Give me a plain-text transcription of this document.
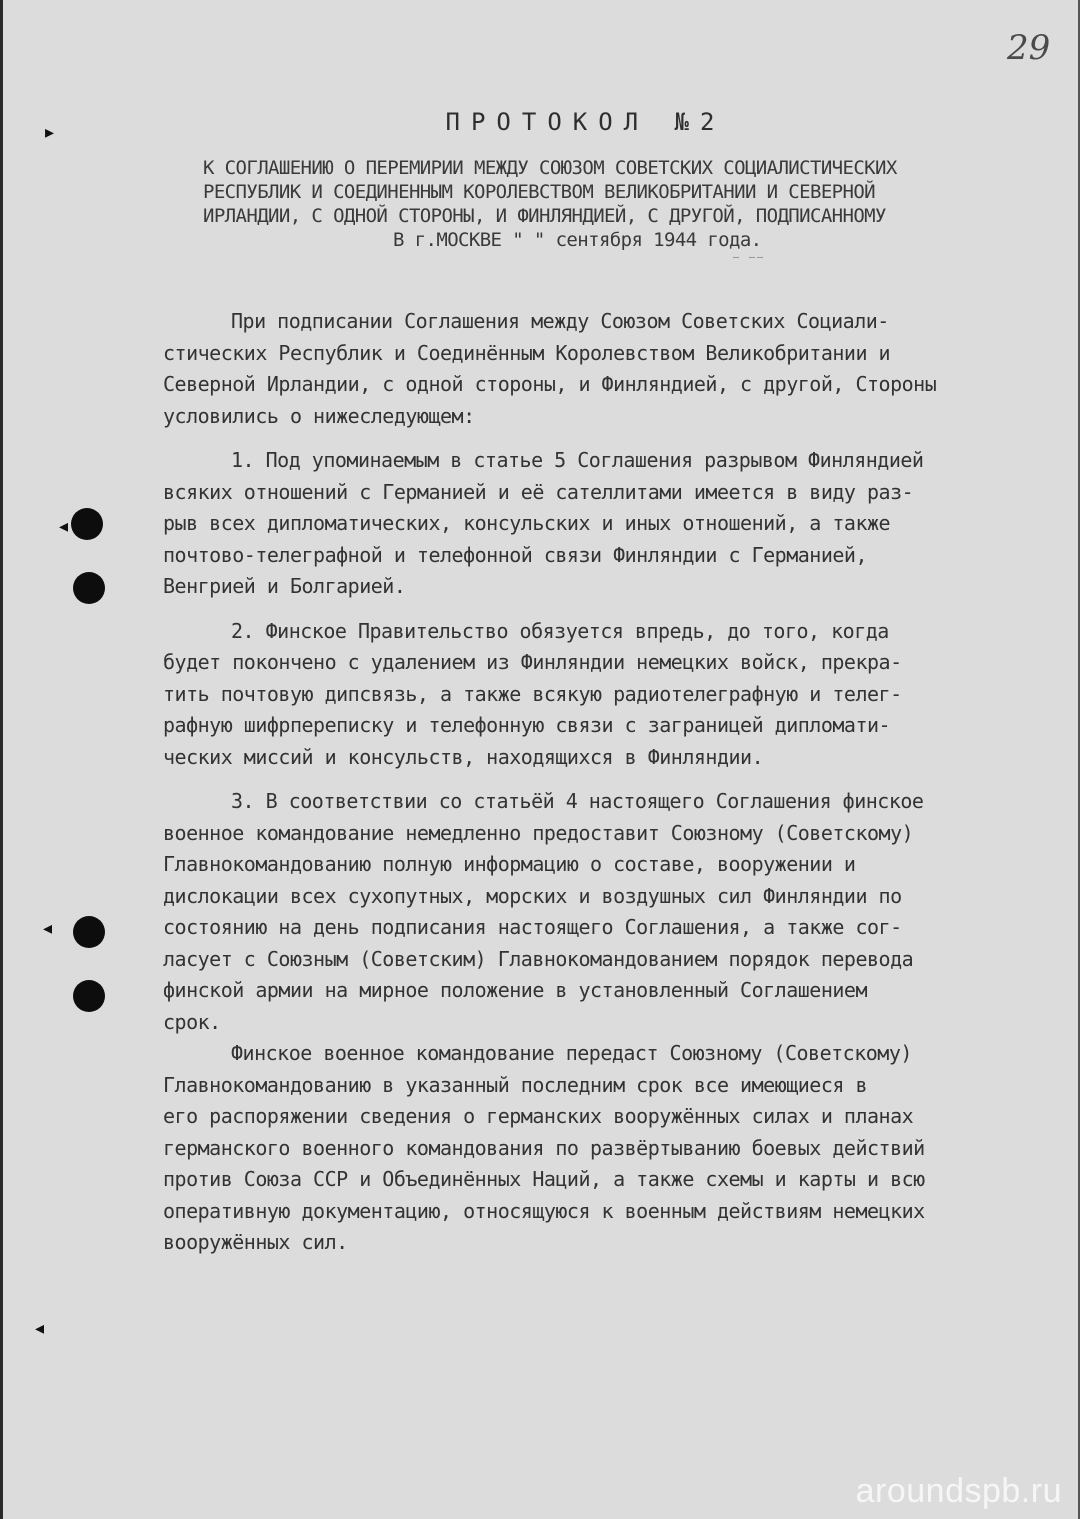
29
ПРОТОКОЛ №2
К СОГЛАШЕНИЮ О ПЕРЕМИРИИ МЕЖДУ СОЮЗОМ СОВЕТСКИХ СОЦИАЛИСТИЧЕСКИХ
РЕСПУБЛИК И СОЕДИНЕННЫМ КОРОЛЕВСТВОМ ВЕЛИКОБРИТАНИИ И СЕВЕРНОЙ
ИРЛАНДИИ, С ОДНОЙ СТОРОНЫ, И ФИНЛЯНДИЕЙ, С ДРУГОЙ, ПОДПИСАННОМУ
В г.МОСКВЕ " " сентября 1944 года.
— ——
При подписании Соглашения между Союзом Советских Социали-
стических Республик и Соединённым Королевством Великобритании и
Северной Ирландии, с одной стороны, и Финляндией, с другой, Стороны
условились о нижеследующем:
1. Под упоминаемым в статье 5 Соглашения разрывом Финляндией
всяких отношений с Германией и её сателлитами имеется в виду раз-
рыв всех дипломатических, консульских и иных отношений, а также
почтово-телеграфной и телефонной связи Финляндии с Германией,
Венгрией и Болгарией.
2. Финское Правительство обязуется впредь, до того, когда
будет покончено с удалением из Финляндии немецких войск, прекра-
тить почтовую дипсвязь, а также всякую радиотелеграфную и телег-
рафную шифрпереписку и телефонную связи с заграницей дипломати-
ческих миссий и консульств, находящихся в Финляндии.
3. В соответствии со статьёй 4 настоящего Соглашения финское
военное командование немедленно предоставит Союзному (Советскому)
Главнокомандованию полную информацию о составе, вооружении и
дислокации всех сухопутных, морских и воздушных сил Финляндии по
состоянию на день подписания настоящего Соглашения, а также сог-
ласует с Союзным (Советским) Главнокомандованием порядок перевода
финской армии на мирное положение в установленный Соглашением
срок.
Финское военное командование передаст Союзному (Советскому)
Главнокомандованию в указанный последним срок все имеющиеся в
его распоряжении сведения о германских вооружённых силах и планах
германского военного командования по развёртыванию боевых действий
против Союза ССР и Объединённых Наций, а также схемы и карты и всю
оперативную документацию, относящуюся к военным действиям немецких
вооружённых сил.
▸
◂
◂
◂
aroundspb.ru
